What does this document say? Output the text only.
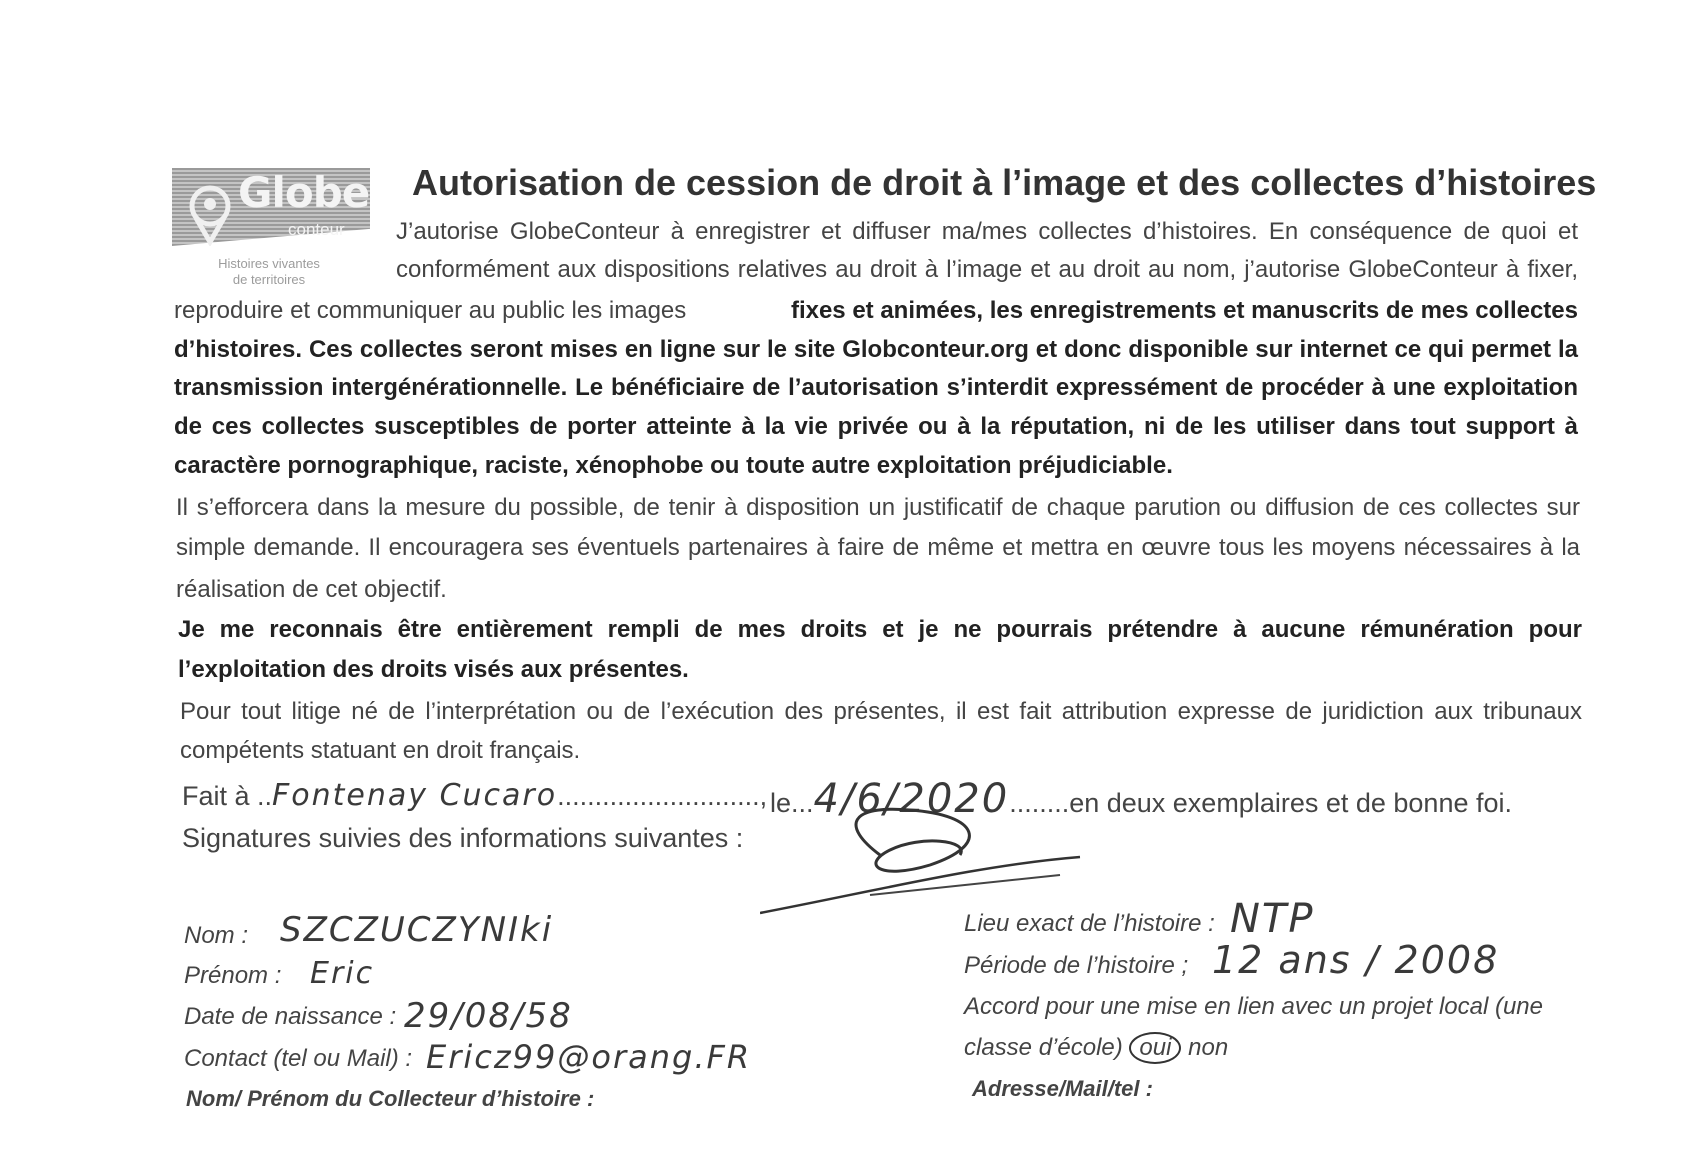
Globe
conteur
Histoires vivantes
de territoires
Autorisation de cession de droit à l’image et des collectes d’histoires
J’autorise GlobeConteur à enregistrer et diffuser ma/mes collectes d’histoires. En conséquence de quoi et
conformément aux dispositions relatives au droit à l’image et au droit au nom, j’autorise GlobeConteur à fixer,
reproduire et communiquer au public les images	fixes et animées, les enregistrements et manuscrits de mes collectes
d’histoires. Ces collectes seront mises en ligne sur le site Globconteur.org et donc disponible sur internet ce qui permet la
transmission intergénérationnelle. Le bénéficiaire de l’autorisation s’interdit expressément de procéder à une exploitation
de ces collectes susceptibles de porter atteinte à la vie privée ou à la réputation, ni de les utiliser dans tout support à
caractère pornographique, raciste, xénophobe ou toute autre exploitation préjudiciable.
Il s’efforcera dans la mesure du possible, de tenir à disposition un justificatif de chaque parution ou diffusion de ces collectes sur
simple demande. Il encouragera ses éventuels partenaires à faire de même et mettra en œuvre tous les moyens nécessaires à la
réalisation de cet objectif.
Je me reconnais être entièrement rempli de mes droits et je ne pourrais prétendre à aucune rémunération pour
l’exploitation des droits visés aux présentes.
Pour tout litige né de l’interprétation ou de l’exécution des présentes, il est fait attribution expresse de juridiction aux tribunaux
compétents statuant en droit français.
Fait à ..Fontenay Cucaro..........................., le...4/6/2020........en deux exemplaires et de bonne foi.
Signatures suivies des informations suivantes :
Nom : SZCZUCZYNIki
Prénom : Eric
Date de naissance : 29/08/58
Contact (tel ou Mail) : Ericz99@orang.FR
Nom/ Prénom du Collecteur d’histoire :
Lieu exact de l’histoire : NTP
Période de l’histoire ; 12 ans / 2008
Accord pour une mise en lien avec un projet local (une
classe d’école) oui non
Adresse/Mail/tel :
